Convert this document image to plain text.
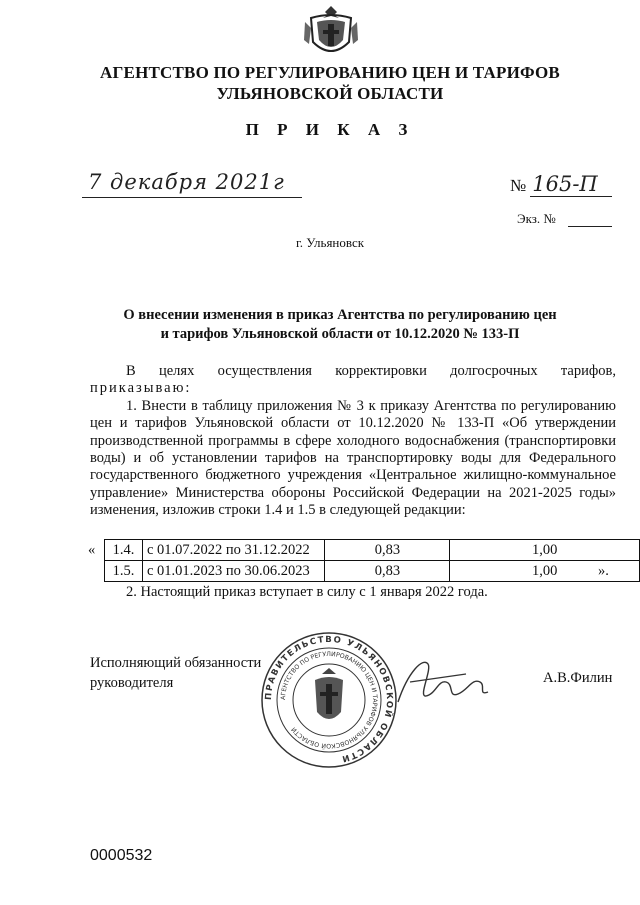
АГЕНТСТВО ПО РЕГУЛИРОВАНИЮ ЦЕН И ТАРИФОВ
УЛЬЯНОВСКОЙ ОБЛАСТИ
П Р И К А З
7 декабря 2021г	№ 165-П
Экз. №
г. Ульяновск
О внесении изменения в приказ Агентства по регулированию цен
и тарифов Ульяновской области от 10.12.2020 № 133-П

В целях осуществления корректировки долгосрочных тарифов,

приказываю:

1. Внести в таблицу приложения № 3 к приказу Агентства по регулированию цен и тарифов Ульяновской области от 10.12.2020 № 133-П «Об утверждении производственной программы в сфере холодного водоснабжения (транспортировки воды) и об установлении тарифов на транспортировку воды для Федерального государственного бюджетного учреждения «Центральное жилищно-коммунальное управление» Министерства обороны Российской Федерации на 2021-2025 годы» изменения, изложив строки 1.4 и 1.5 в следующей редакции:

« 1.4.	с 01.07.2022 по 31.12.2022	0,83	1,00
1.5.	с 01.01.2023 по 30.06.2023	0,83	1,00	».
2. Настоящий приказ вступает в силу с 1 января 2022 года.
Исполняющий обязанности
руководителя
ПРАВИТЕЛЬСТВО УЛЬЯНОВСКОЙ ОБЛАСТИ
АГЕНТСТВО ПО РЕГУЛИРОВАНИЮ ЦЕН И ТАРИФОВ УЛЬЯНОВСКОЙ ОБЛАСТИ
А.В.Филин
0000532
